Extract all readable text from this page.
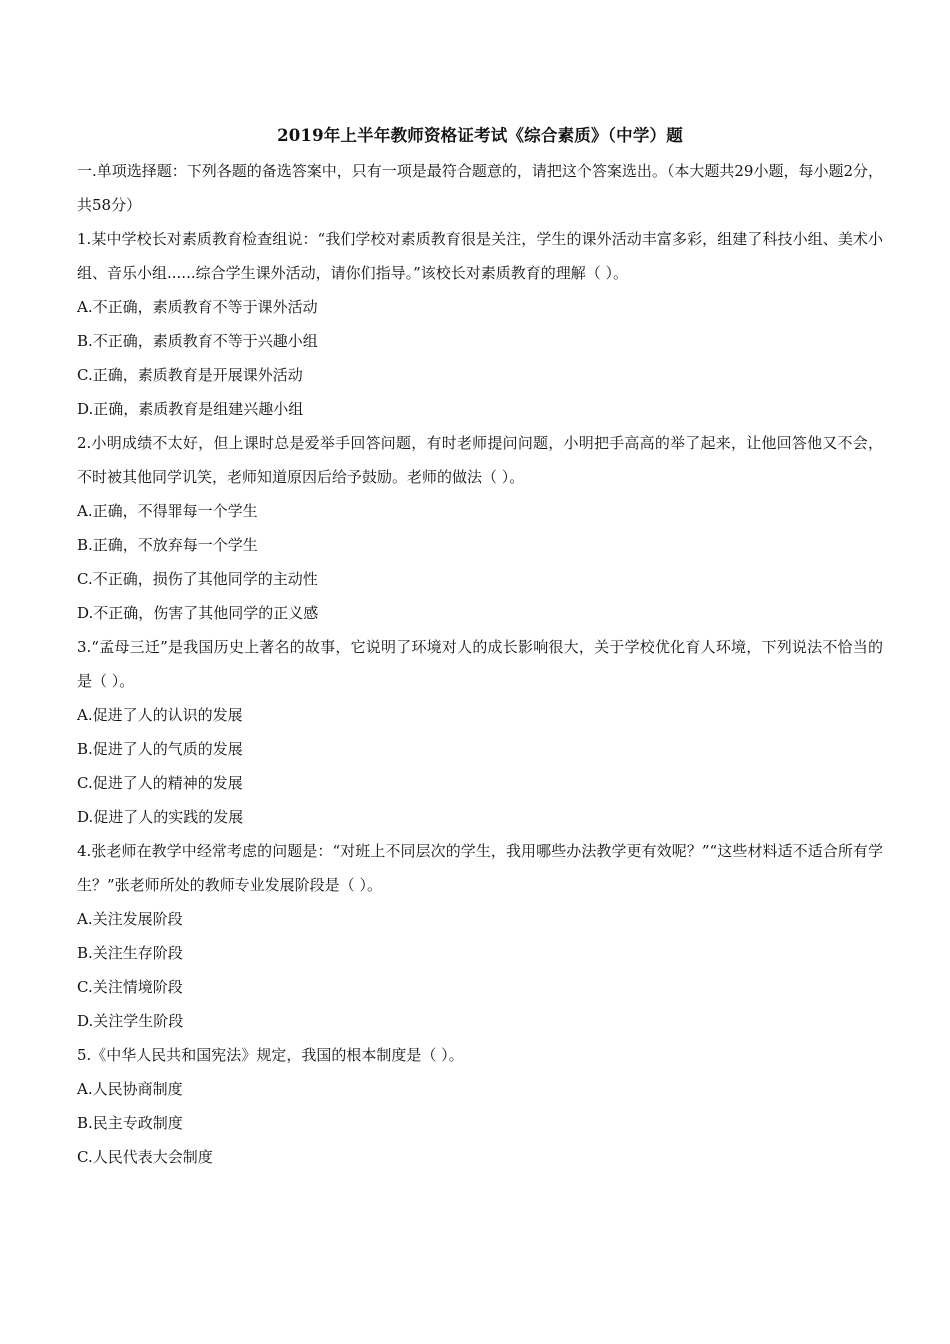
2019年上半年教师资格证考试《综合素质》（中学）题

一.单项选择题：下列各题的备选答案中，只有一项是最符合题意的，请把这个答案选出。（本大题共29小题，每小题2分，共58分）

1.某中学校长对素质教育检查组说：“我们学校对素质教育很是关注，学生的课外活动丰富多彩，组建了科技小组、美术小组、音乐小组......综合学生课外活动，请你们指导。”该校长对素质教育的理解（ ）。

A.不正确，素质教育不等于课外活动

B.不正确，素质教育不等于兴趣小组

C.正确，素质教育是开展课外活动

D.正确，素质教育是组建兴趣小组

2.小明成绩不太好，但上课时总是爱举手回答问题，有时老师提问问题，小明把手高高的举了起来，让他回答他又不会，不时被其他同学讥笑，老师知道原因后给予鼓励。老师的做法（ ）。

A.正确，不得罪每一个学生

B.正确，不放弃每一个学生

C.不正确，损伤了其他同学的主动性

D.不正确，伤害了其他同学的正义感

3.“孟母三迁”是我国历史上著名的故事，它说明了环境对人的成长影响很大，关于学校优化育人环境，下列说法不恰当的是（ ）。

A.促进了人的认识的发展

B.促进了人的气质的发展

C.促进了人的精神的发展

D.促进了人的实践的发展

4.张老师在教学中经常考虑的问题是：“对班上不同层次的学生，我用哪些办法教学更有效呢？”“这些材料适不适合所有学生？”张老师所处的教师专业发展阶段是（ ）。

A.关注发展阶段

B.关注生存阶段

C.关注情境阶段

D.关注学生阶段

5.《中华人民共和国宪法》规定，我国的根本制度是（ ）。

A.人民协商制度

B.民主专政制度

C.人民代表大会制度
